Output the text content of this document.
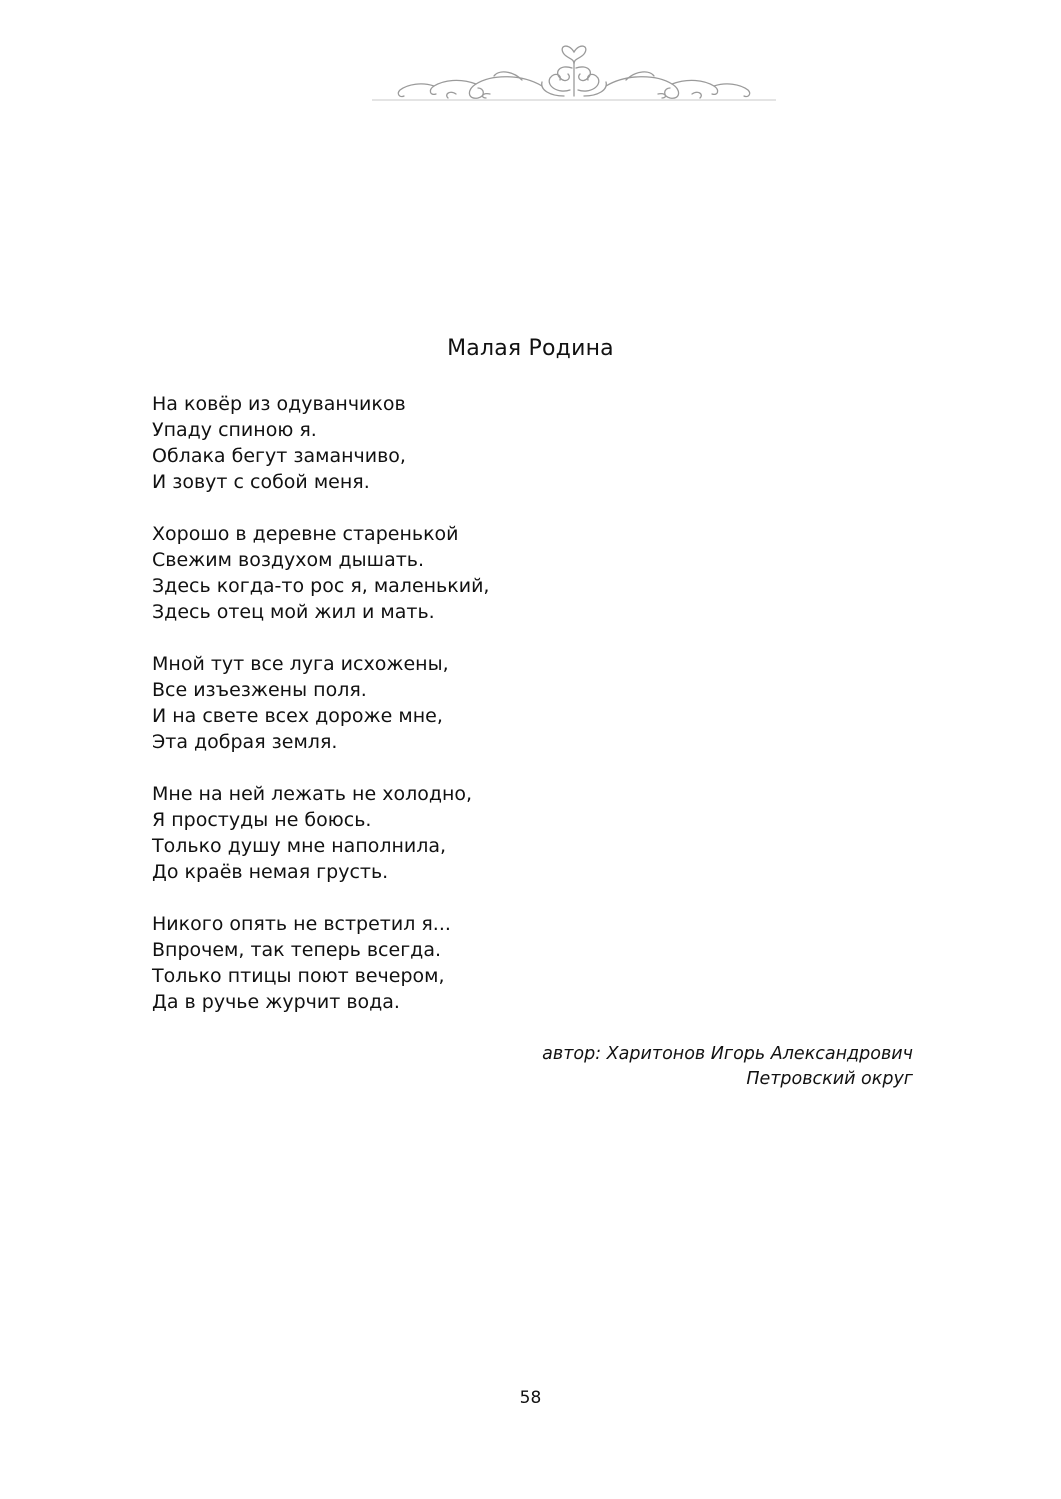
Малая Родина
На ковёр из одуванчиков
Упаду спиною я.
Облака бегут заманчиво,
И зовут с собой меня.
Хорошо в деревне старенькой
Свежим воздухом дышать.
Здесь когда-то рос я, маленький,
Здесь отец мой жил и мать.
Мной тут все луга исхожены,
Все изъезжены поля.
И на свете всех дороже мне,
Эта добрая земля.
Мне на ней лежать не холодно,
Я простуды не боюсь.
Только душу мне наполнила,
До краёв немая грусть.
Никого опять не встретил я...
Впрочем, так теперь всегда.
Только птицы поют вечером,
Да в ручье журчит вода.
автор: Харитонов Игорь Александрович
Петровский округ
58
